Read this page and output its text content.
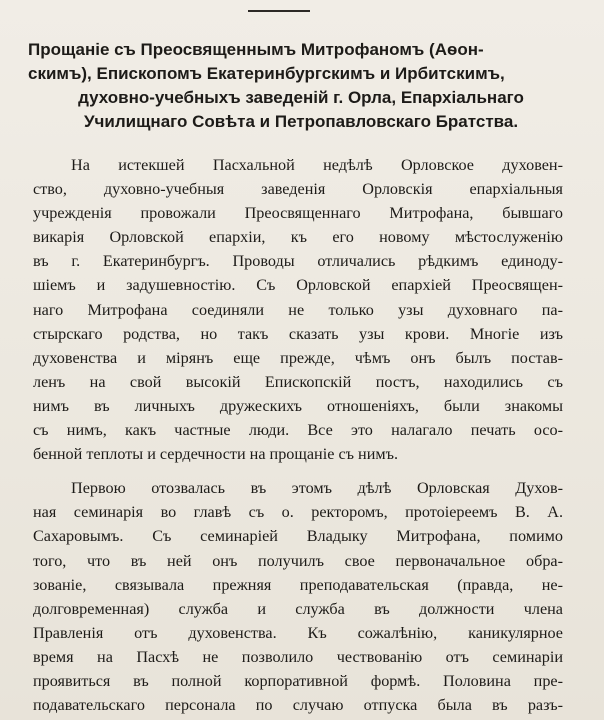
Прощаніе съ Преосвященнымъ Митрофаномъ (Аѳон-
скимъ), Епископомъ Екатеринбургскимъ и Ирбитскимъ,
духовно-учебныхъ заведеній г. Орла, Епархіальнаго
Училищнаго Совѣта и Петропавловскаго Братства.
На истекшей Пасхальной недѣлѣ Орловское духовен-
ство, духовно-учебныя заведенiя Орловскія епархіальныя
учрежденія провожали Преосвященнаго Митрофана, бывшаго
викарія Орловской епархіи, къ его новому мѣстослуженію
въ г. Екатеринбургъ. Проводы отличались рѣдкимъ единоду-
шіемъ и задушевностію. Съ Орловской епархіей Преосвящен-
наго Митрофана соединяли не только узы духовнаго па-
стырскаго родства, но такъ сказать узы крови. Многіе изъ
духовенства и мірянъ еще прежде, чѣмъ онъ былъ постав-
ленъ на свой высокій Епископскій постъ, находились съ
нимъ въ личныхъ дружескихъ отношеніяхъ, были знакомы
съ нимъ, какъ частные люди. Все это налагало печать осо-
бенной теплоты и сердечности на прощаніе съ нимъ.
Первою отозвалась въ этомъ дѣлѣ Орловская Духов-
ная семинарія во главѣ съ о. ректоромъ, протоіереемъ В. А.
Сахаровымъ. Съ семинаріей Владыку Митрофана, помимо
того, что въ ней онъ получилъ свое первоначальное обра-
зованіе, связывала прежняя преподавательская (правда, не-
долговременная) служба и служба въ должности члена
Правленія отъ духовенства. Къ сожалѣнію, каникулярное
время на Пасхѣ не позволило чествованію отъ семинаріи
проявиться въ полной корпоративной формѣ. Половина пре-
подавательскаго персонала по случаю отпуска была въ разъ-
